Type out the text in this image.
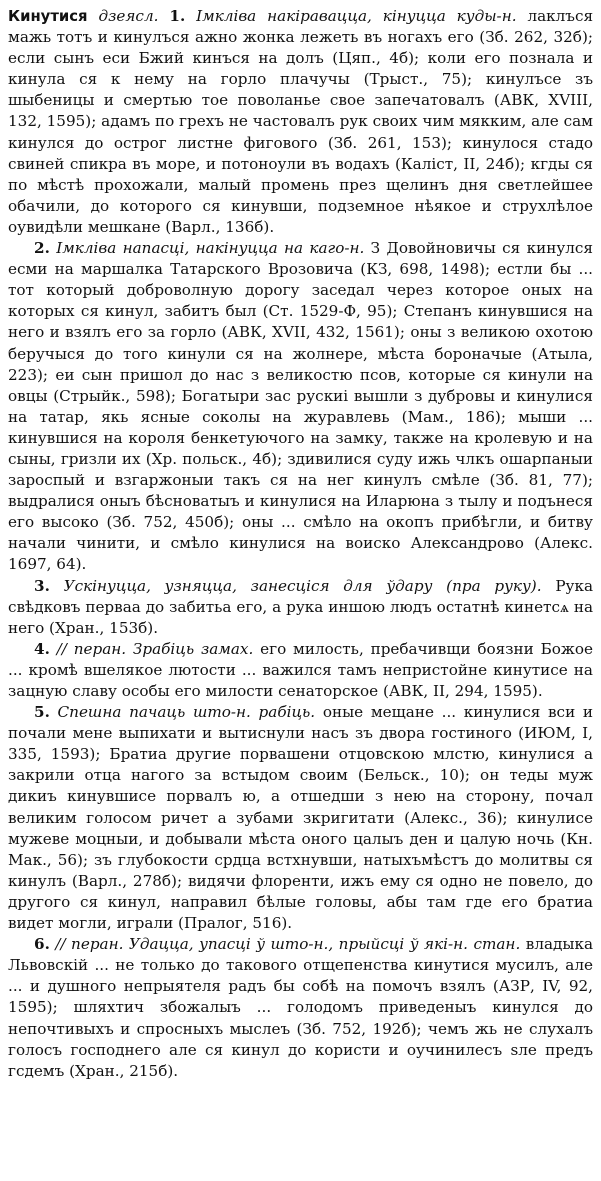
Кинутися дзеясл. 1. Імкліва накіравацца, кінуцца куды-н. лаклъся мажь тотъ и кинулъся ажно жонка лежеть въ ногахъ его (Зб. 262, 32б); если сынъ еси Бжий кинъся на долъ (Цяп., 4б); коли его познала и кинула ся к нему на горло плачучы (Трыст., 75); кинулъсе зъ шыбеницы и смертью тое поволанье свое запечатовалъ (АВК, XVIII, 132, 1595); адамъ по грехъ не частовалъ рук своих чим мякким, але сам кинулся до острог листне фигового (Зб. 261, 153); кинулося стадо свиней спикра въ море, и потоноули въ водахъ (Каліст, II, 24б); кгды ся по мѣстѣ прохожали, малый промень през щелинъ дня светлейшее обачили, до которого ся кинувши, подземное нѣякое и струхлѣлое оувидѣли мешкане (Варл., 136б).

2. Імкліва напасці, накінуцца на каго-н. З Довойновичы ся кинулся есми на маршалка Татарского Врозовича (КЗ, 698, 1498); естли бы ... тот который доброволную дорогу заседал через которое оных на которых ся кинул, забитъ был (Ст. 1529-Ф, 95); Степанъ кинувшися на него и взялъ его за горло (АВК, XVII, 432, 1561); оны з великою охотою беручыся до того кинули ся на жолнере, мѣста бороначые (Атыла, 223); еи сын пришол до нас з великостю псов, которые ся кинули на овцы (Стрыйк., 598); Богатыри зас рускиі вышли з дубровы и кинулися на татар, якь ясные соколы на журавлевь (Мам., 186); мыши ... кинувшися на короля бенкетуючого на замку, также на кролевую и на сыны, гризли их (Хр. польск., 4б); здивилися суду ижь члкъ ошарпаныи зароспый и взгаржоныи такъ ся на нег кинулъ смѣле (Зб. 81, 77); выдралися оныъ бѣсноватыъ и кинулися на Иларюна з тылу и подънеся его высоко (Зб. 752, 450б); оны ... смѣло на окопъ прибѣгли, и битву начали чинити, и смѣло кинулися на воиско Александрово (Алекс. 1697, 64).

3. Ускінуцца, узняцца, занесціся для ўдару (пра руку). Рука свѣдковъ перваа до забитьа его, а рука иншою людъ остатнѣ кинетсѧ на него (Хран., 153б).

4. // перан. Зрабіць замах. его милость, пребачивщи боязни Божое ... кромѣ вшелякое лютости ... важился тамъ непристойне кинутисе на зацную славу особы его милости сенаторское (АВК, II, 294, 1595).

5. Спешна пачаць што-н. рабіць. оные мещане ... кинулися вси и почали мене выпихати и вытиснули насъ зъ двора гостиного (ИЮМ, I, 335, 1593); Братиа другие порвашени отцовскою млстю, кинулися а закрили отца нагого за встыдом своим (Бельск., 10); он теды муж дикиъ кинувшисе порвалъ ю, а отшедши з нею на сторону, почал великим голосом ричет а зубами зкригитати (Алекс., 36); кинулисе мужеве моцныи, и добывали мѣста оного цалыъ ден и цалую ночь (Кн. Мак., 56); зъ глубокости срдца встхнувши, натыхъмѣстъ до молитвы ся кинулъ (Варл., 278б); видячи флоренти, ижъ ему ся одно не повело, до другого ся кинул, направил бѣлые головы, абы там где его братиа видет могли, играли (Пралог, 516).

6. // перан. Удацца, упасці ў што-н., прыйсці ў які-н. стан. владыка Львовскій ... не только до такового отщепенства кинутися мусилъ, але ... и душного непрыятеля радъ бы собѣ на помочъ взялъ (АЗР, IV, 92, 1595); шляхтич збожалыъ ... голодомъ приведеныъ кинулся до непочтивыхъ и спросныхъ мыслеъ (Зб. 752, 192б); чемъ жь не слухалъ голосъ господнего але ся кинул до користи и оучинилесъ sле предъ гсдемъ (Хран., 215б).
